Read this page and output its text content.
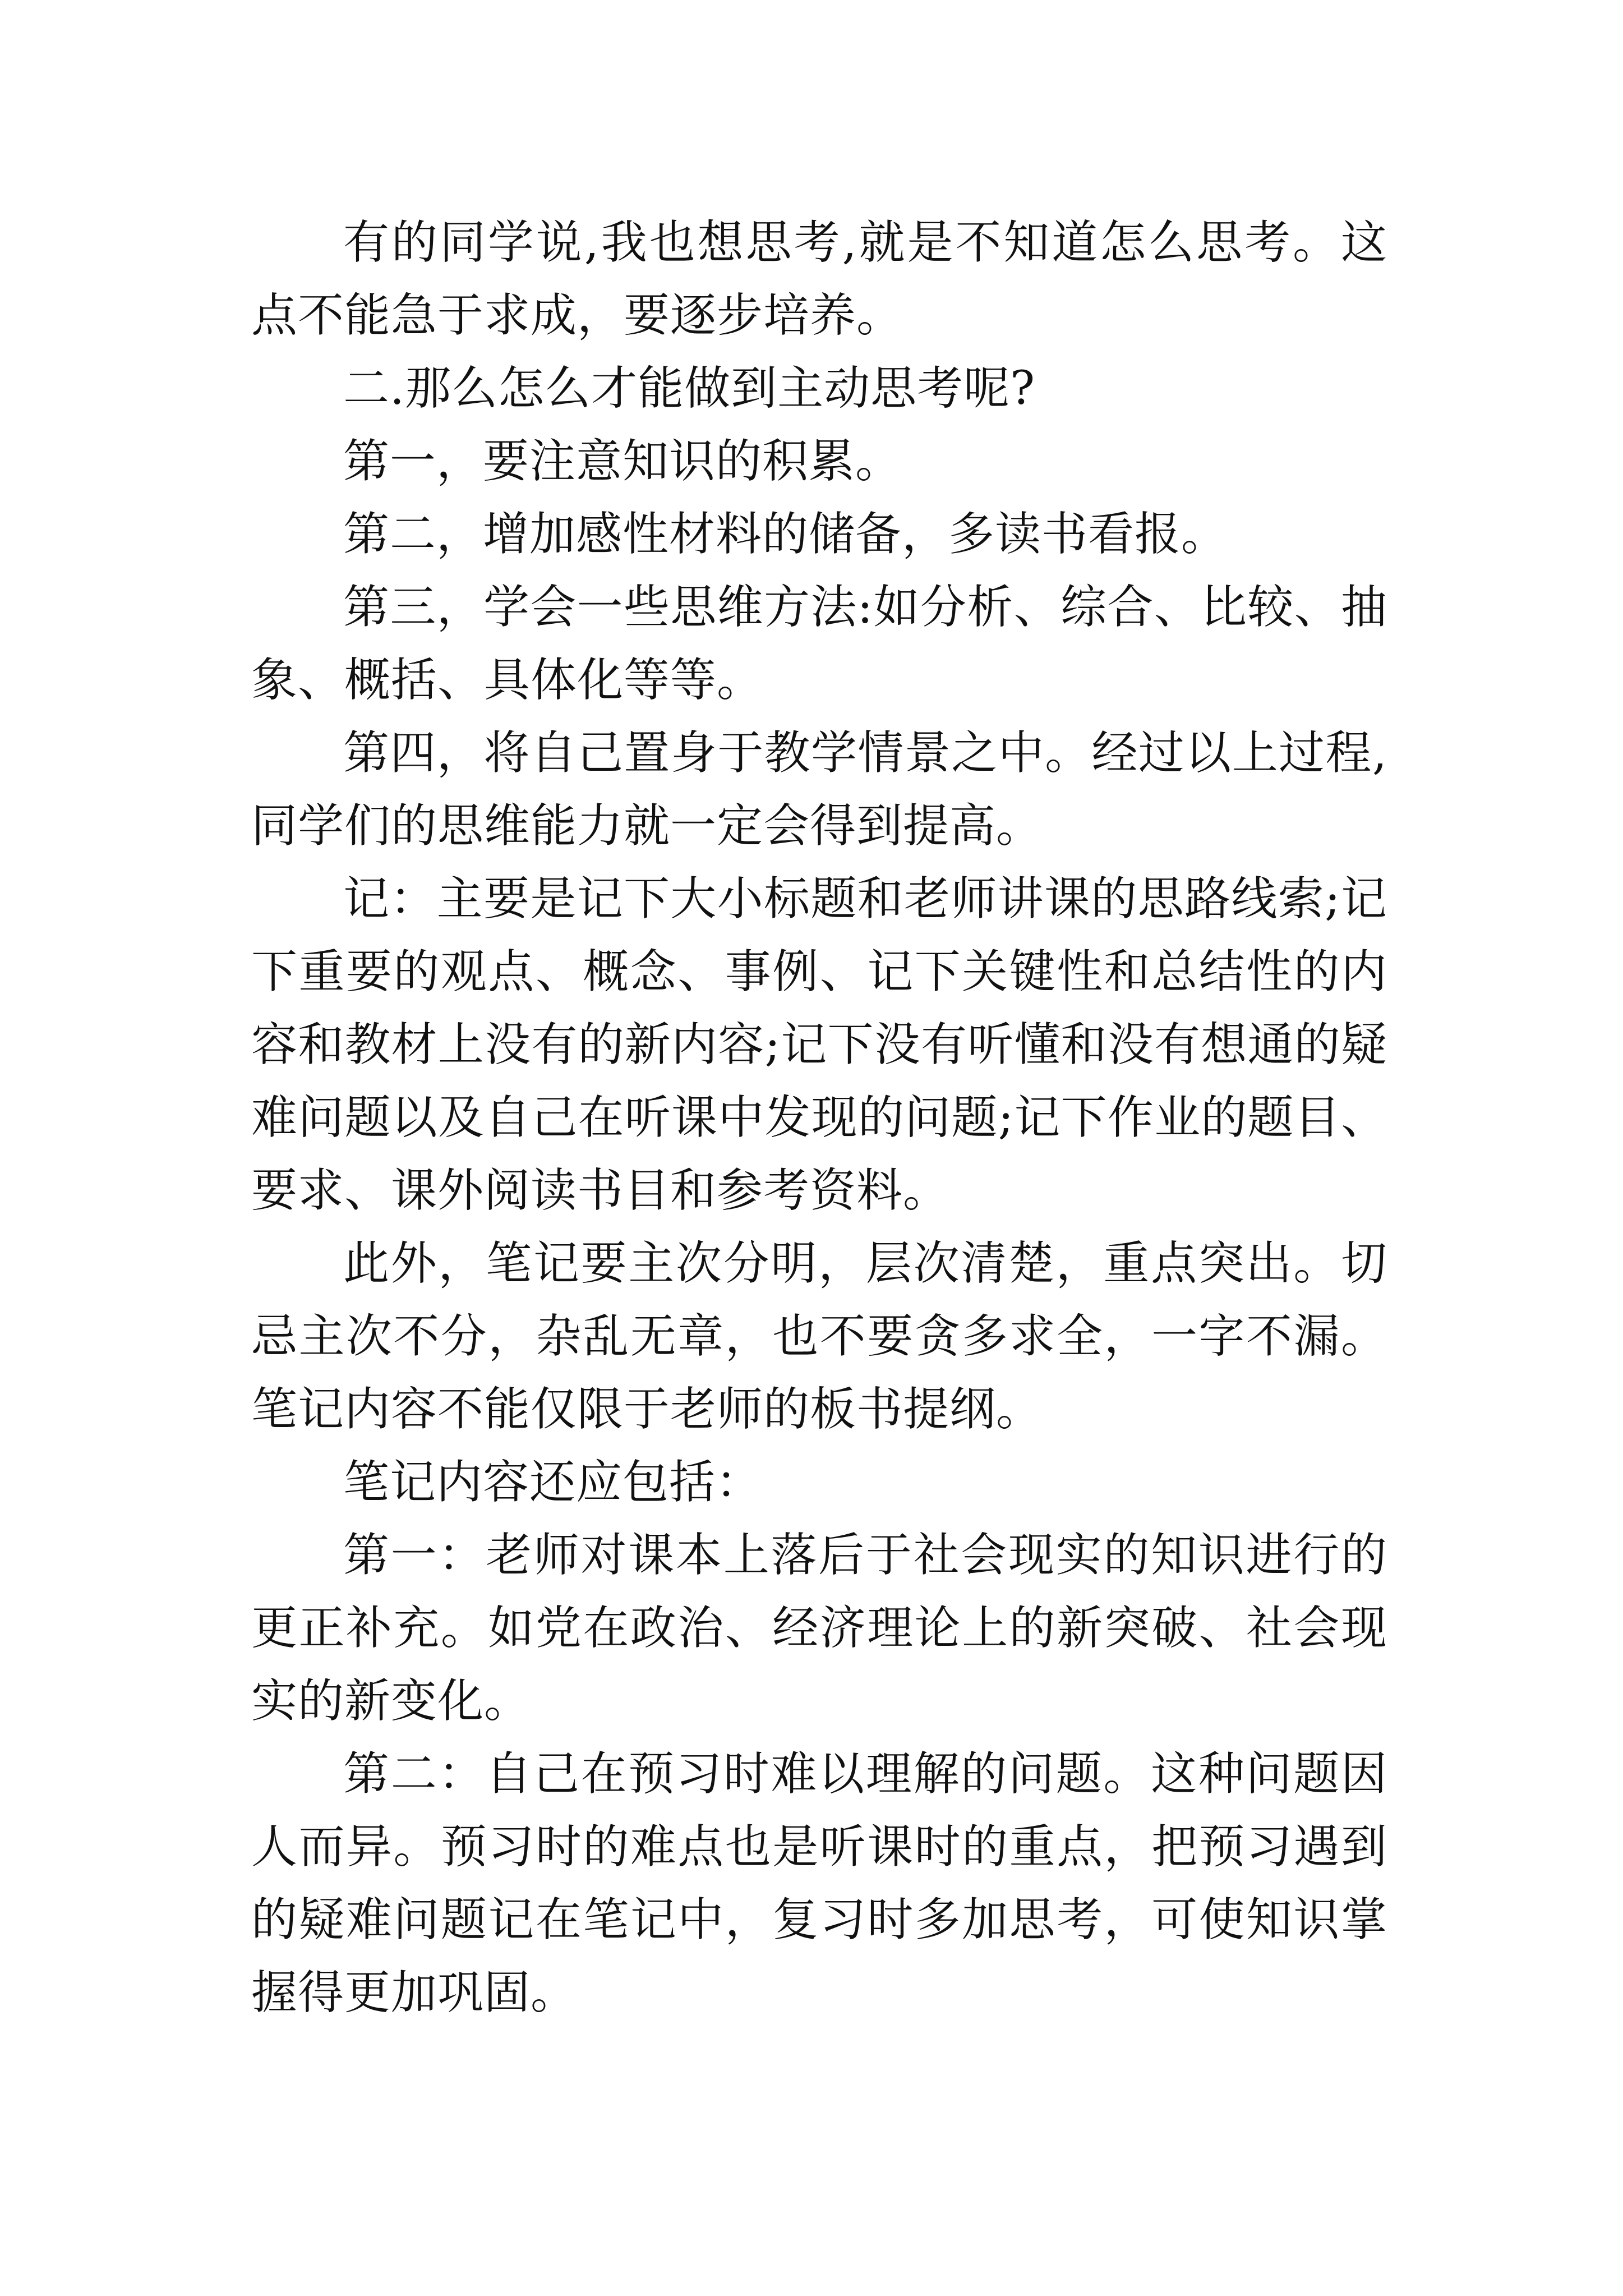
有的同学说,我也想思考,就是不知道怎么思考。这点不能急于求成，要逐步培养。

二.那么怎么才能做到主动思考呢?

第一，要注意知识的积累。

第二，增加感性材料的储备，多读书看报。

第三，学会一些思维方法:如分析、综合、比较、抽象、概括、具体化等等。

第四，将自己置身于教学情景之中。经过以上过程,同学们的思维能力就一定会得到提高。

记：主要是记下大小标题和老师讲课的思路线索;记下重要的观点、概念、事例、记下关键性和总结性的内容和教材上没有的新内容;记下没有听懂和没有想通的疑难问题以及自己在听课中发现的问题;记下作业的题目、要求、课外阅读书目和参考资料。

此外，笔记要主次分明，层次清楚，重点突出。切忌主次不分，杂乱无章，也不要贪多求全，一字不漏。笔记内容不能仅限于老师的板书提纲。

笔记内容还应包括：

第一：老师对课本上落后于社会现实的知识进行的更正补充。如党在政治、经济理论上的新突破、社会现实的新变化。

第二：自己在预习时难以理解的问题。这种问题因人而异。预习时的难点也是听课时的重点，把预习遇到的疑难问题记在笔记中，复习时多加思考，可使知识掌握得更加巩固。
